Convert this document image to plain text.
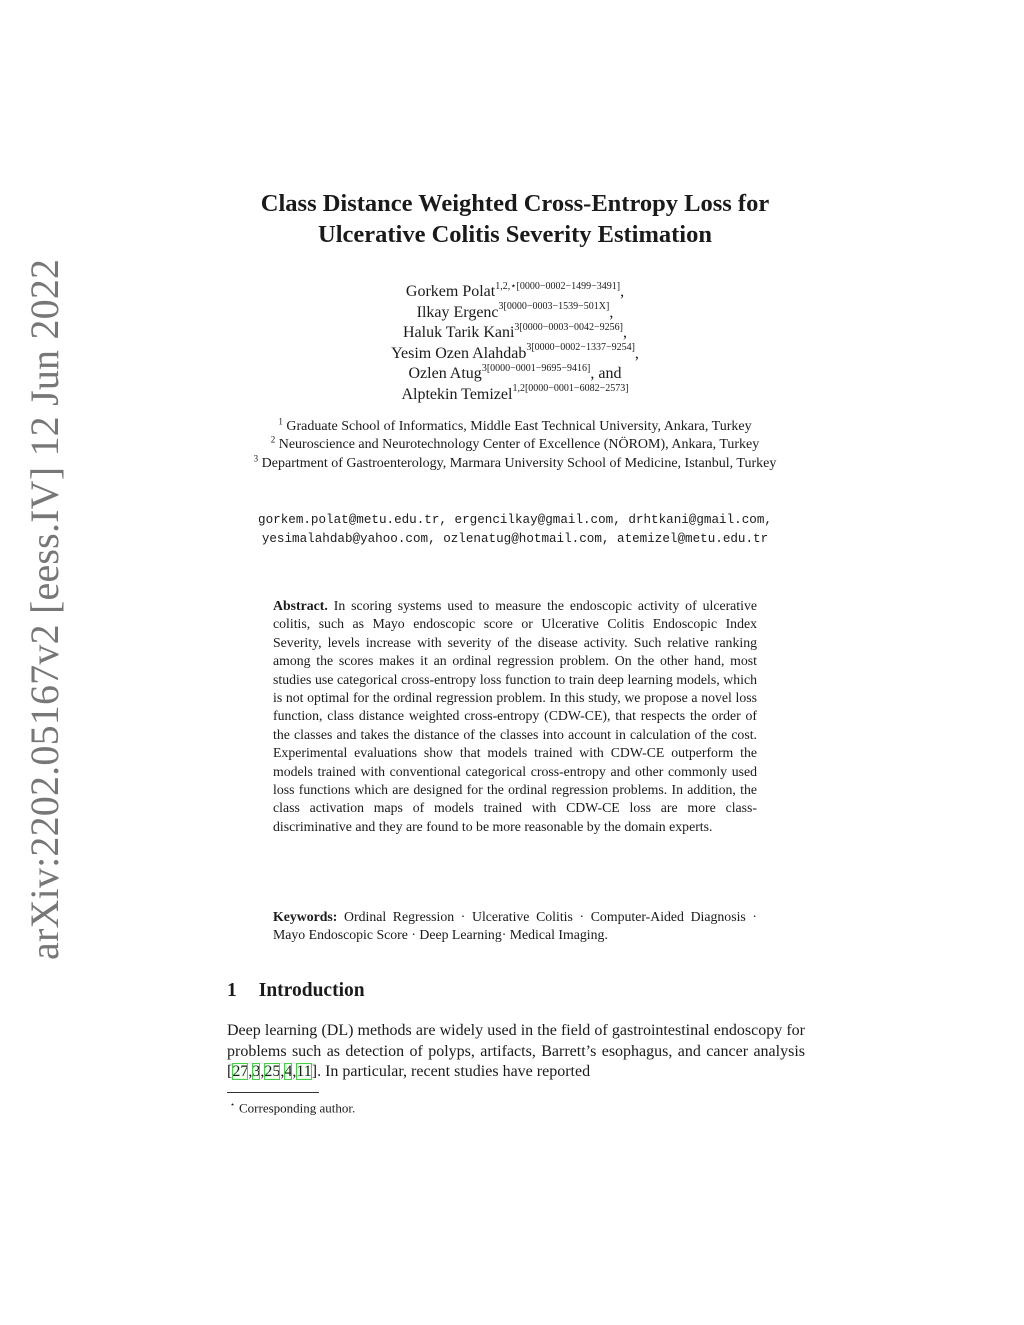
arXiv:2202.05167v2 [eess.IV] 12 Jun 2022
Class Distance Weighted Cross-Entropy Loss for
Ulcerative Colitis Severity Estimation
Gorkem Polat$^{1,2,⋆[0000-0002-1499-3491]}$,
Ilkay Ergenc$^{3[0000-0003-1539-501X]}$,
Haluk Tarik Kani$^{3[0000-0003-0042-9256]}$,
Yesim Ozen Alahdab$^{3[0000-0002-1337-9254]}$,
Ozlen Atug$^{3[0000-0001-9695-9416]}$, and
Alptekin Temizel$^{1,2[0000-0001-6082-2573]}$
$^1$ Graduate School of Informatics, Middle East Technical University, Ankara, Turkey
$^2$ Neuroscience and Neurotechnology Center of Excellence (NÖROM), Ankara, Turkey
$^3$ Department of Gastroenterology, Marmara University School of Medicine, Istanbul, Turkey
gorkem.polat@metu.edu.tr, ergencilkay@gmail.com, drhtkani@gmail.com,
yesimalahdab@yahoo.com, ozlenatug@hotmail.com, atemizel@metu.edu.tr

Abstract. In scoring systems used to measure the endoscopic activity of ulcerative colitis, such as Mayo endoscopic score or Ulcerative Colitis Endoscopic Index Severity, levels increase with severity of the disease activity. Such relative ranking among the scores makes it an ordinal regression problem. On the other hand, most studies use categorical cross-entropy loss function to train deep learning models, which is not optimal for the ordinal regression problem. In this study, we propose a novel loss function, class distance weighted cross-entropy (CDW-CE), that respects the order of the classes and takes the distance of the classes into account in calculation of the cost. Experimental evaluations show that models trained with CDW-CE outperform the models trained with conventional categorical cross-entropy and other commonly used loss functions which are designed for the ordinal regression problems. In addition, the class activation maps of models trained with CDW-CE loss are more class-discriminative and they are found to be more reasonable by the domain experts.

Keywords: Ordinal Regression · Ulcerative Colitis · Computer-Aided Diagnosis · Mayo Endoscopic Score · Deep Learning· Medical Imaging.

1 Introduction

Deep learning (DL) methods are widely used in the field of gastrointestinal endoscopy for problems such as detection of polyps, artifacts, Barrett’s esophagus, and cancer analysis [27,3,25,4,11]. In particular, recent studies have reported

⋆ Corresponding author.
